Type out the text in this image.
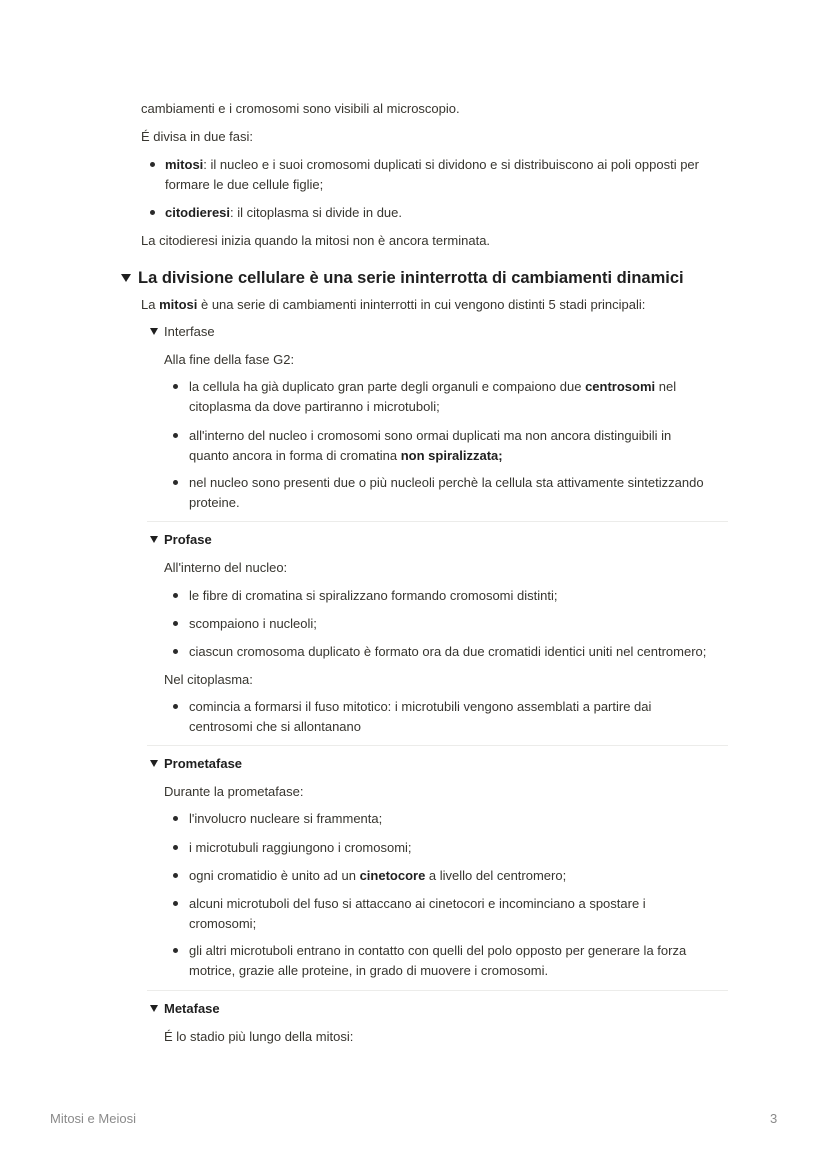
cambiamenti e i cromosomi sono visibili al microscopio.

É divisa in due fasi:

mitosi: il nucleo e i suoi cromosomi duplicati si dividono e si distribuiscono ai poli opposti per

formare le due cellule figlie;

citodieresi: il citoplasma si divide in due.

La citodieresi inizia quando la mitosi non è ancora terminata.

La divisione cellulare è una serie ininterrotta di cambiamenti dinamici

La mitosi è una serie di cambiamenti ininterrotti in cui vengono distinti 5 stadi principali:

Interfase

Alla fine della fase G2:

la cellula ha già duplicato gran parte degli organuli e compaiono due centrosomi nel

citoplasma da dove partiranno i microtuboli;

all'interno del nucleo i cromosomi sono ormai duplicati ma non ancora distinguibili in

quanto ancora in forma di cromatina non spiralizzata;

nel nucleo sono presenti due o più nucleoli perchè la cellula sta attivamente sintetizzando

proteine.

Profase

All'interno del nucleo:

le fibre di cromatina si spiralizzano formando cromosomi distinti;

scompaiono i nucleoli;

ciascun cromosoma duplicato è formato ora da due cromatidi identici uniti nel centromero;

Nel citoplasma:

comincia a formarsi il fuso mitotico: i microtubili vengono assemblati a partire dai

centrosomi che si allontanano

Prometafase

Durante la prometafase:

l'involucro nucleare si frammenta;

i microtubuli raggiungono i cromosomi;

ogni cromatidio è unito ad un cinetocore a livello del centromero;

alcuni microtuboli del fuso si attaccano ai cinetocori e incominciano a spostare i

cromosomi;

gli altri microtuboli entrano in contatto con quelli del polo opposto per generare la forza

motrice, grazie alle proteine, in grado di muovere i cromosomi.

Metafase

É lo stadio più lungo della mitosi:

Mitosi e Meiosi	3
